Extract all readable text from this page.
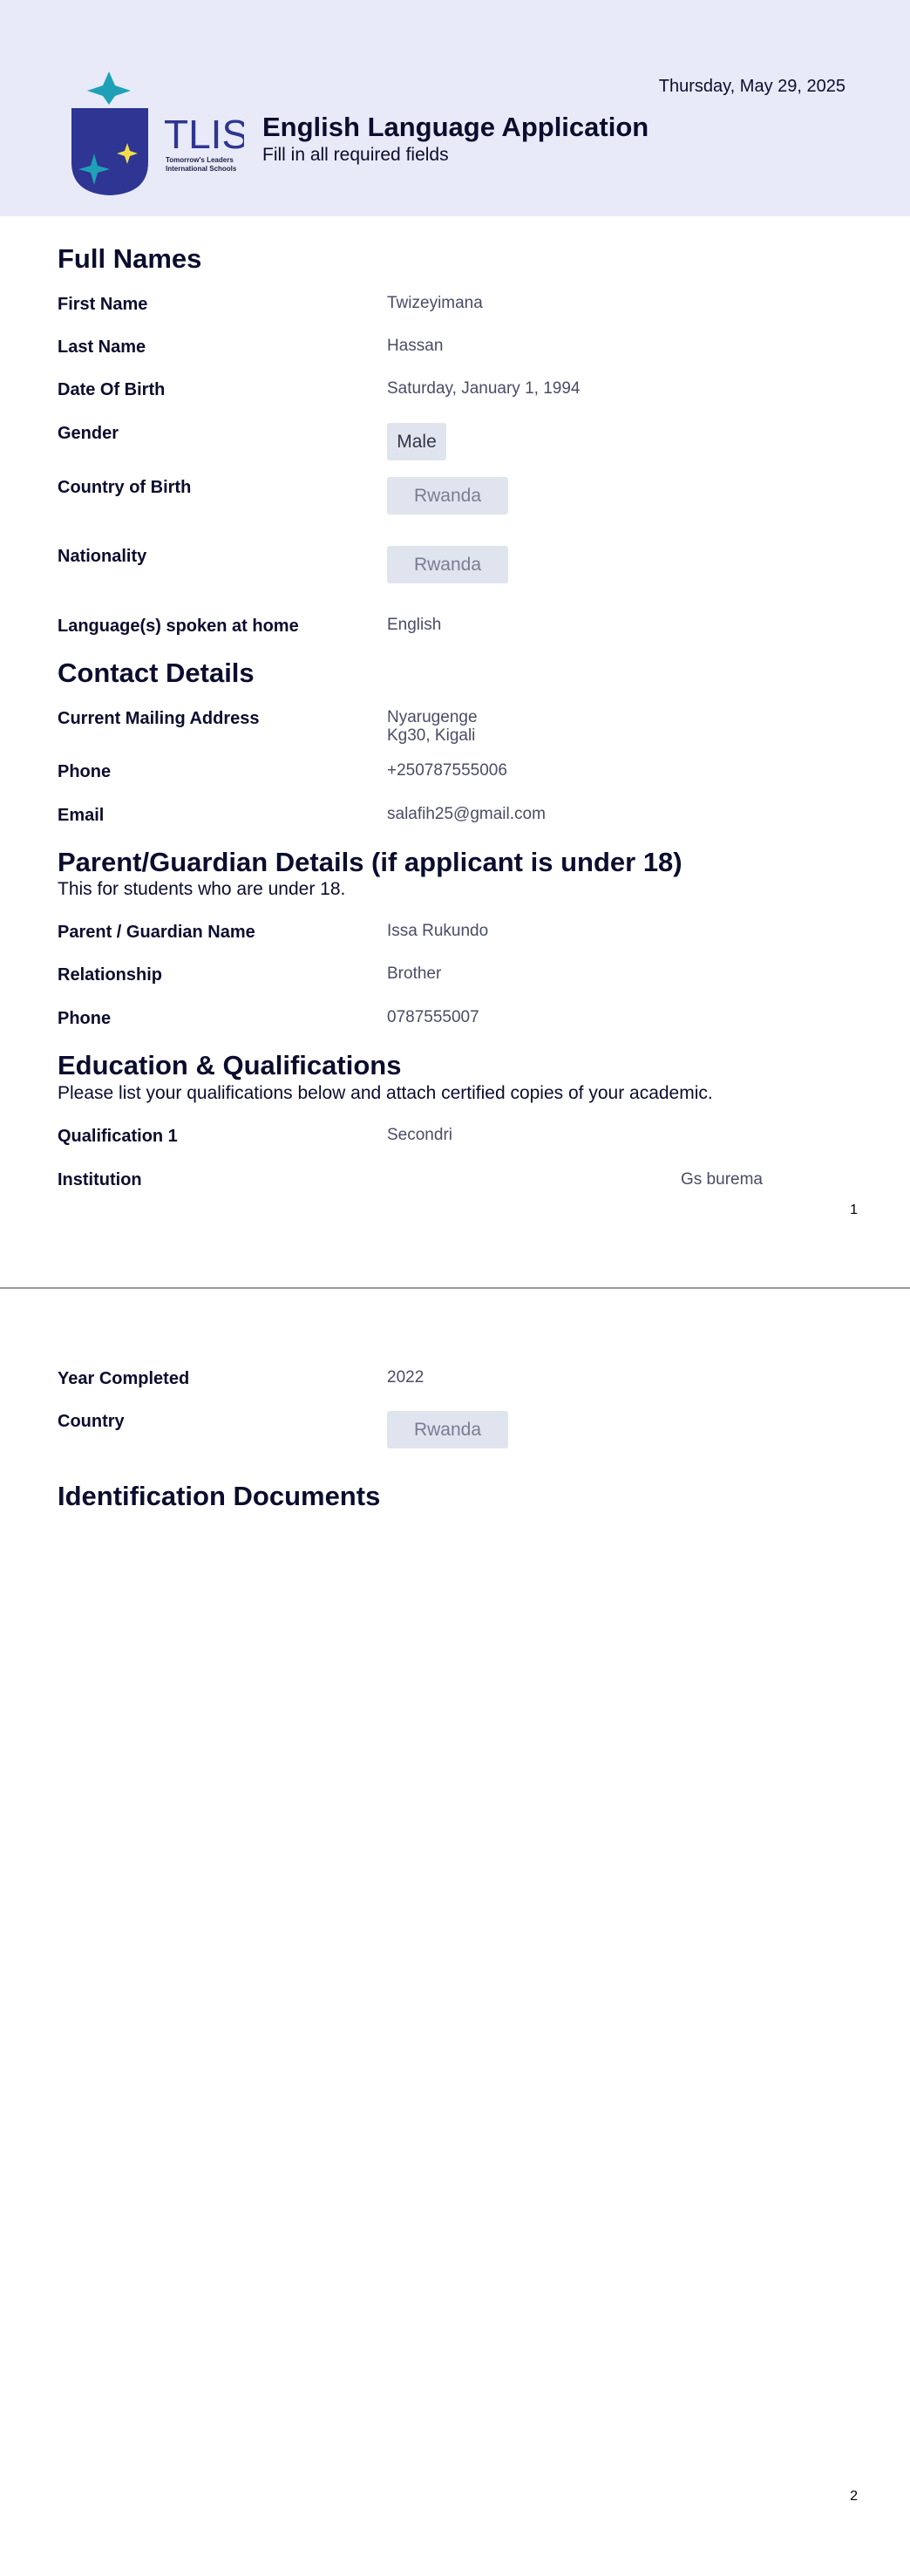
TLIS
Tomorrow's Leaders
International Schools
English Language Application
Fill in all required fields
Thursday, May 29, 2025
Full Names
First Name	Twizeyimana
Last Name	Hassan
Date Of Birth	Saturday, January 1, 1994
Gender	Male
Country of Birth	Rwanda
Nationality	Rwanda
Language(s) spoken at home	English
Contact Details
Current Mailing Address	Nyarugenge
Kg30, Kigali
Phone	+250787555006
Email	salafih25@gmail.com
Parent/Guardian Details (if applicant is under 18)
This for students who are under 18.
Parent / Guardian Name	Issa Rukundo
Relationship	Brother
Phone	0787555007
Education & Qualifications
Please list your qualifications below and attach certified copies of your academic.
Qualification 1	Secondri
Institution	Gs burema
1
Year Completed	2022
Country	Rwanda
Identification Documents
2
